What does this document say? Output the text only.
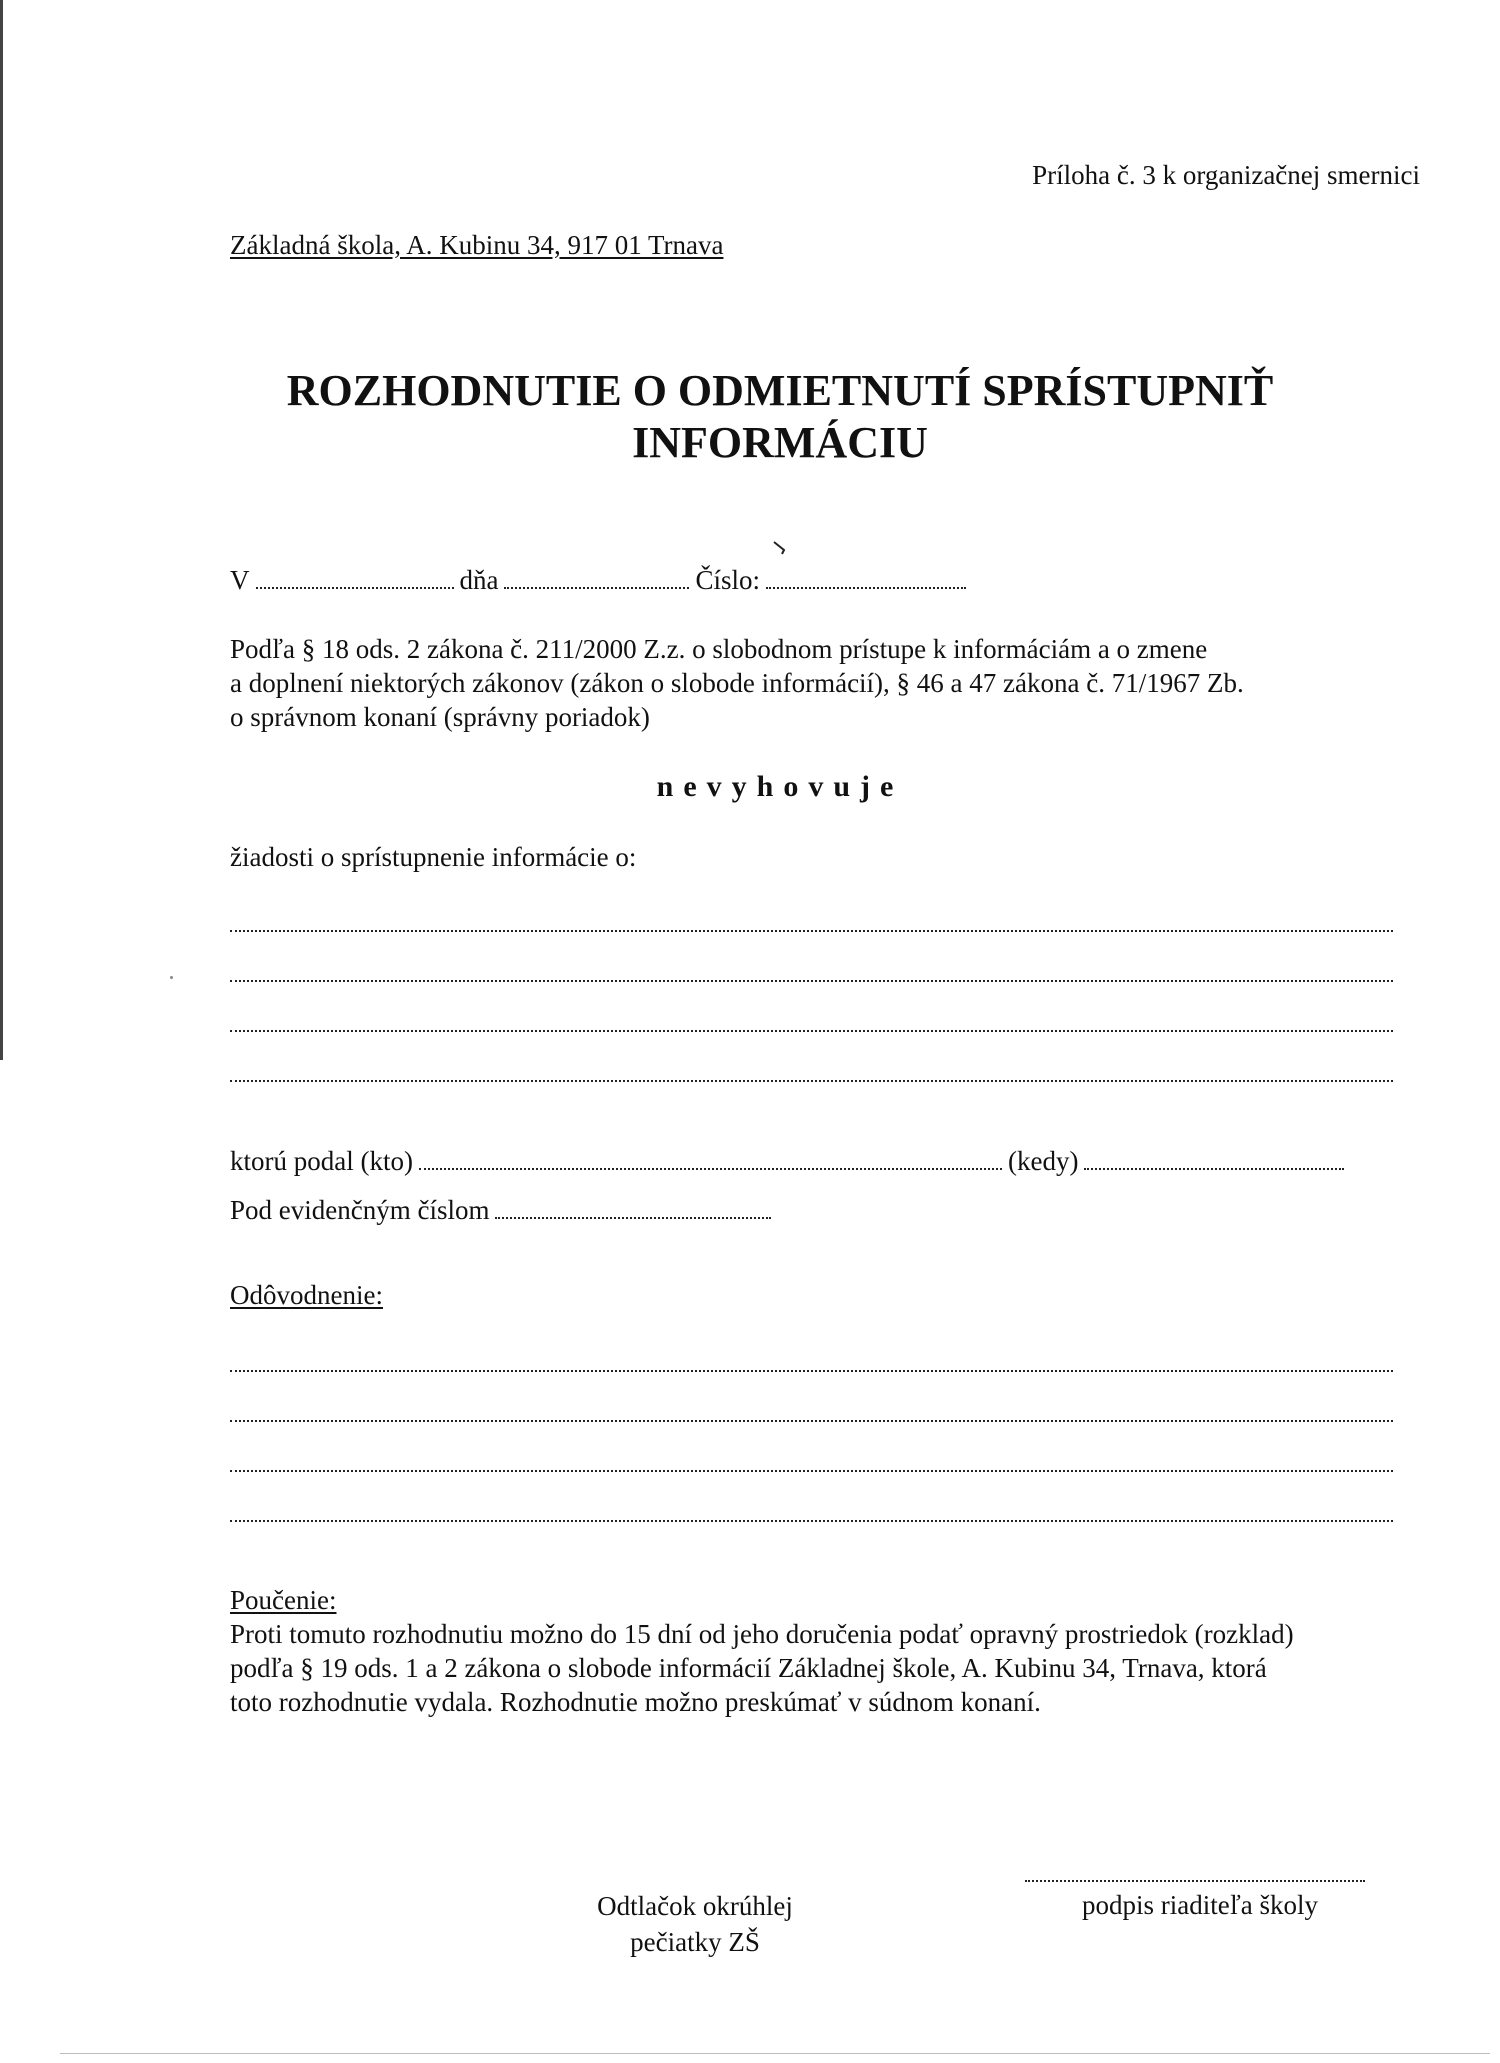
Príloha č. 3 k organizačnej smernici
Základná škola, A. Kubinu 34, 917 01 Trnava
ROZHODNUTIE O ODMIETNUTÍ SPRÍSTUPNIŤ
INFORMÁCIU
V	dňa	Číslo:

Podľa § 18 ods. 2 zákona č. 211/2000 Z.z. o slobodnom prístupe k informáciám a o zmene

a doplnení niektorých zákonov (zákon o slobode informácií), § 46 a 47 zákona č. 71/1967 Zb.

o správnom konaní (správny poriadok)

nevyhovuje
žiadosti o sprístupnenie informácie o:
ktorú podal (kto)	(kedy)
Pod evidenčným číslom
Odôvodnenie:
Poučenie:
Proti tomuto rozhodnutiu možno do 15 dní od jeho doručenia podať opravný prostriedok (rozklad)
podľa § 19 ods. 1 a 2 zákona o slobode informácií Základnej škole, A. Kubinu 34, Trnava, ktorá
toto rozhodnutie vydala. Rozhodnutie možno preskúmať v súdnom konaní.
Odtlačok okrúhlej
pečiatky ZŠ
podpis riaditeľa školy
